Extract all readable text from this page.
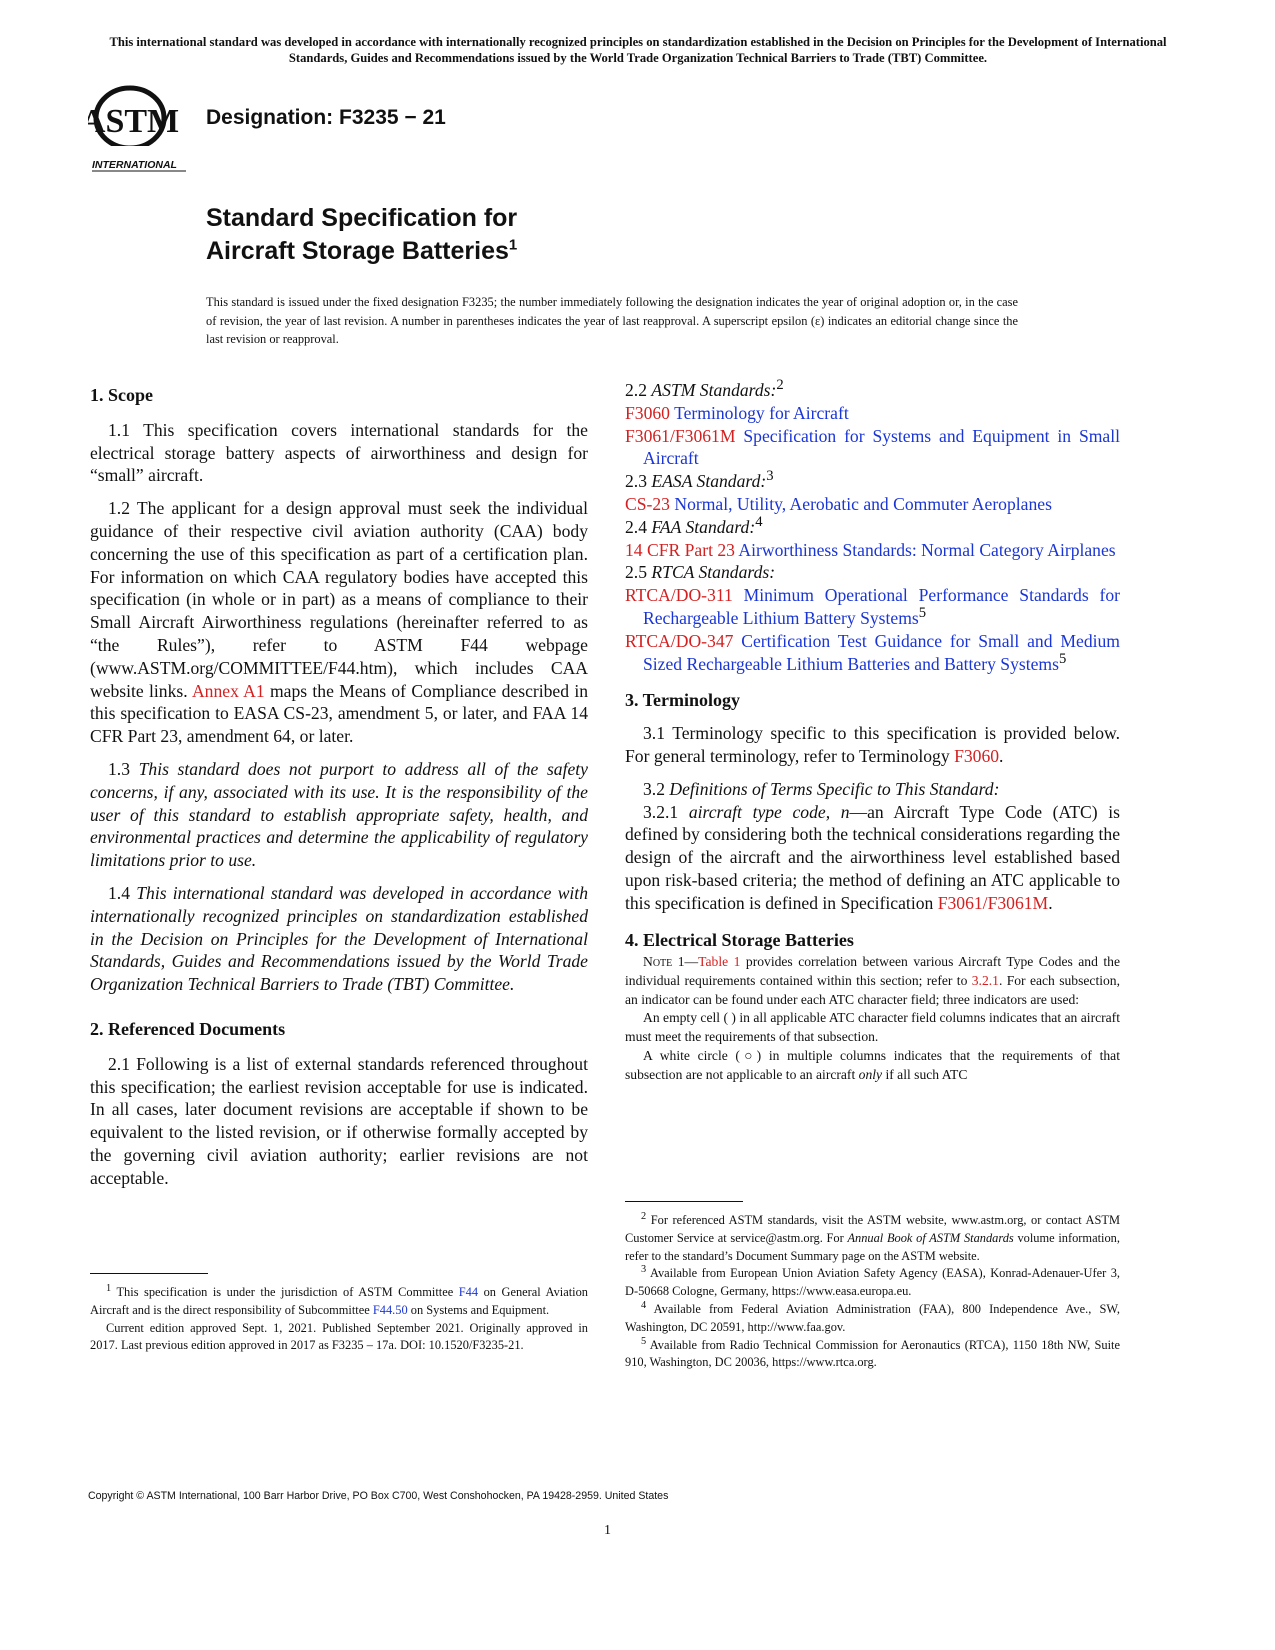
This international standard was developed in accordance with internationally recognized principles on standardization established in the Decision on Principles for the Development of International Standards, Guides and Recommendations issued by the World Trade Organization Technical Barriers to Trade (TBT) Committee.
ASTM
INTERNATIONAL
Designation: F3235 − 21
Standard Specification for
Aircraft Storage Batteries$^1$
This standard is issued under the fixed designation F3235; the number immediately following the designation indicates the year of original adoption or, in the case of revision, the year of last revision. A number in parentheses indicates the year of last reapproval. A superscript epsilon (ε) indicates an editorial change since the last revision or reapproval.
1. Scope

1.1 This specification covers international standards for the electrical storage battery aspects of airworthiness and design for “small” aircraft.

1.2 The applicant for a design approval must seek the individual guidance of their respective civil aviation authority (CAA) body concerning the use of this specification as part of a certification plan. For information on which CAA regulatory bodies have accepted this specification (in whole or in part) as a means of compliance to their Small Aircraft Airworthiness regulations (hereinafter referred to as “the Rules”), refer to ASTM F44 webpage (www.ASTM.org/COMMITTEE/F44.htm), which includes CAA website links. Annex A1 maps the Means of Compliance described in this specification to EASA CS-23, amendment 5, or later, and FAA 14 CFR Part 23, amendment 64, or later.

1.3 This standard does not purport to address all of the safety concerns, if any, associated with its use. It is the responsibility of the user of this standard to establish appropriate safety, health, and environmental practices and determine the applicability of regulatory limitations prior to use.

1.4 This international standard was developed in accordance with internationally recognized principles on standardization established in the Decision on Principles for the Development of International Standards, Guides and Recommendations issued by the World Trade Organization Technical Barriers to Trade (TBT) Committee.

2. Referenced Documents

2.1 Following is a list of external standards referenced throughout this specification; the earliest revision acceptable for use is indicated. In all cases, later document revisions are acceptable if shown to be equivalent to the listed revision, or if otherwise formally accepted by the governing civil aviation authority; earlier revisions are not acceptable.

2.2 ASTM Standards:$^2$

F3060 Terminology for Aircraft

F3061/F3061M Specification for Systems and Equipment in Small Aircraft

2.3 EASA Standard:$^3$

CS-23 Normal, Utility, Aerobatic and Commuter Aeroplanes

2.4 FAA Standard:$^4$

14 CFR Part 23 Airworthiness Standards: Normal Category Airplanes

2.5 RTCA Standards:

RTCA/DO-311 Minimum Operational Performance Standards for Rechargeable Lithium Battery Systems$^5$

RTCA/DO-347 Certification Test Guidance for Small and Medium Sized Rechargeable Lithium Batteries and Battery Systems$^5$

3. Terminology

3.1 Terminology specific to this specification is provided below. For general terminology, refer to Terminology F3060.

3.2 Definitions of Terms Specific to This Standard:

3.2.1 aircraft type code, n—an Aircraft Type Code (ATC) is defined by considering both the technical considerations regarding the design of the aircraft and the airworthiness level established based upon risk-based criteria; the method of defining an ATC applicable to this specification is defined in Specification F3061/F3061M.

4. Electrical Storage Batteries

Note 1—Table 1 provides correlation between various Aircraft Type Codes and the individual requirements contained within this section; refer to 3.2.1. For each subsection, an indicator can be found under each ATC character field; three indicators are used:

An empty cell ( ) in all applicable ATC character field columns indicates that an aircraft must meet the requirements of that subsection.

A white circle (○) in multiple columns indicates that the requirements of that subsection are not applicable to an aircraft only if all such ATC

$^1$ This specification is under the jurisdiction of ASTM Committee F44 on General Aviation Aircraft and is the direct responsibility of Subcommittee F44.50 on Systems and Equipment.

Current edition approved Sept. 1, 2021. Published September 2021. Originally approved in 2017. Last previous edition approved in 2017 as F3235 – 17a. DOI: 10.1520/F3235-21.

$^2$ For referenced ASTM standards, visit the ASTM website, www.astm.org, or contact ASTM Customer Service at service@astm.org. For Annual Book of ASTM Standards volume information, refer to the standard’s Document Summary page on the ASTM website.

$^3$ Available from European Union Aviation Safety Agency (EASA), Konrad-Adenauer-Ufer 3, D-50668 Cologne, Germany, https://www.easa.europa.eu.

$^4$ Available from Federal Aviation Administration (FAA), 800 Independence Ave., SW, Washington, DC 20591, http://www.faa.gov.

$^5$ Available from Radio Technical Commission for Aeronautics (RTCA), 1150 18th NW, Suite 910, Washington, DC 20036, https://www.rtca.org.

Copyright © ASTM International, 100 Barr Harbor Drive, PO Box C700, West Conshohocken, PA 19428-2959. United States
1
